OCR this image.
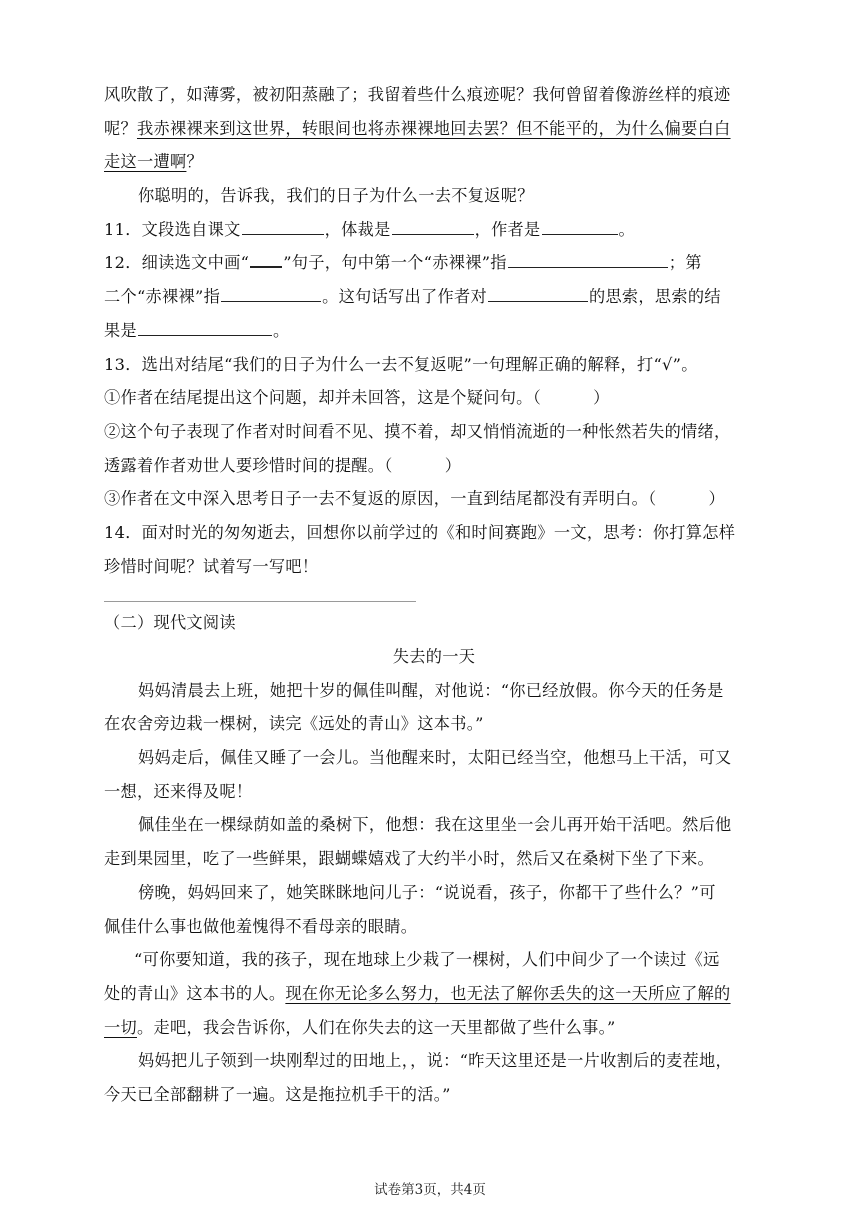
风吹散了，如薄雾，被初阳蒸融了；我留着些什么痕迹呢？我何曾留着像游丝样的痕迹
呢？我赤裸裸来到这世界，转眼间也将赤裸裸地回去罢？但不能平的，为什么偏要白白
走这一遭啊？
你聪明的，告诉我，我们的日子为什么一去不复返呢？
11．文段选自课文	，体裁是	，作者是	。
12．细读选文中画“ ”句子，句中第一个“赤裸裸”指	；第
二个“赤裸裸”指	。这句话写出了作者对	的思索，思索的结
果是	。
13．选出对结尾“我们的日子为什么一去不复返呢”一句理解正确的解释，打“√”。
①作者在结尾提出这个问题，却并未回答，这是个疑问句。（	）
②这个句子表现了作者对时间看不见、摸不着，却又悄悄流逝的一种怅然若失的情绪，
透露着作者劝世人要珍惜时间的提醒。（	）
③作者在文中深入思考日子一去不复返的原因，一直到结尾都没有弄明白。（	）
14．面对时光的匆匆逝去，回想你以前学过的《和时间赛跑》一文，思考：你打算怎样
珍惜时间呢？试着写一写吧！
（二）现代文阅读
失去的一天
妈妈清晨去上班，她把十岁的佩佳叫醒，对他说：“你已经放假。你今天的任务是
在农舍旁边栽一棵树，读完《远处的青山》这本书。”
妈妈走后，佩佳又睡了一会儿。当他醒来时，太阳已经当空，他想马上干活，可又
一想，还来得及呢！
佩佳坐在一棵绿荫如盖的桑树下，他想：我在这里坐一会儿再开始干活吧。然后他
走到果园里，吃了一些鲜果，跟蝴蝶嬉戏了大约半小时，然后又在桑树下坐了下来。
傍晚，妈妈回来了，她笑眯眯地问儿子：“说说看，孩子，你都干了些什么？”可
佩佳什么事也做他羞愧得不看母亲的眼睛。
“可你要知道，我的孩子，现在地球上少栽了一棵树，人们中间少了一个读过《远
处的青山》这本书的人。现在你无论多么努力，也无法了解你丢失的这一天所应了解的
一切。走吧，我会告诉你，人们在你失去的这一天里都做了些什么事。”
妈妈把儿子领到一块刚犁过的田地上，，说：“昨天这里还是一片收割后的麦茬地，
今天已全部翻耕了一遍。这是拖拉机手干的活。”
试卷第3页，共4页
